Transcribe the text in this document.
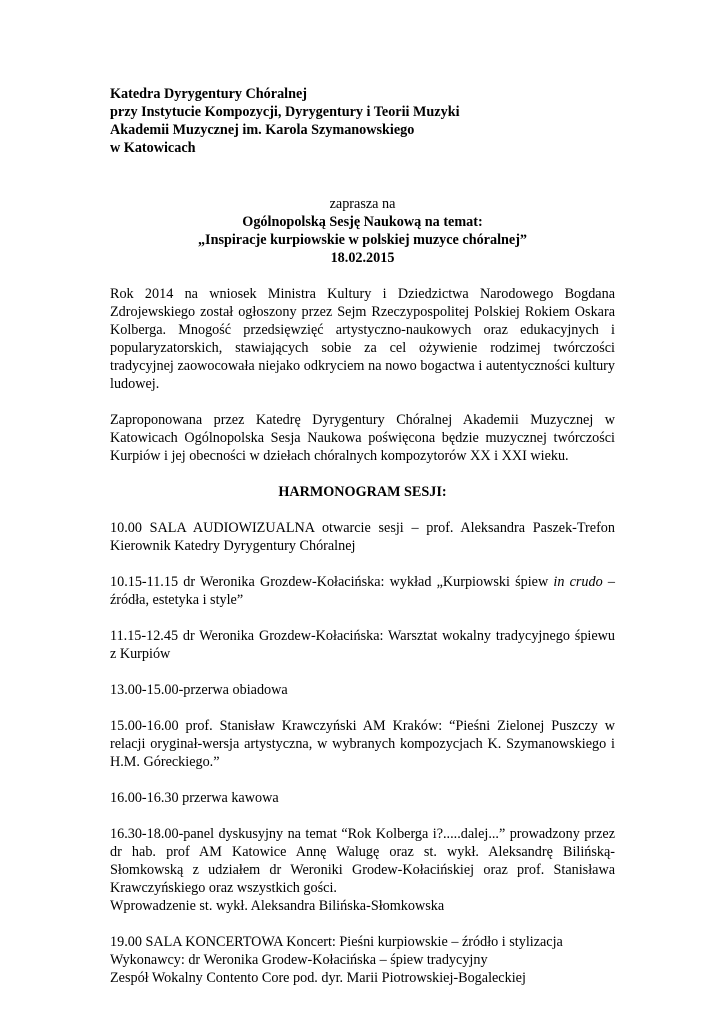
Katedra Dyrygentury Chóralnej
przy Instytucie Kompozycji, Dyrygentury i Teorii Muzyki
Akademii Muzycznej im. Karola Szymanowskiego
w Katowicach
zaprasza na
Ogólnopolską Sesję Naukową na temat:
„Inspiracje kurpiowskie w polskiej muzyce chóralnej”
18.02.2015

Rok 2014 na wniosek Ministra Kultury i Dziedzictwa Narodowego Bogdana Zdrojewskiego został ogłoszony przez Sejm Rzeczypospolitej Polskiej Rokiem Oskara Kolberga. Mnogość przedsięwzięć artystyczno-naukowych oraz edukacyjnych i popularyzatorskich, stawiających sobie za cel ożywienie rodzimej twórczości tradycyjnej zaowocowała niejako odkryciem na nowo bogactwa i autentyczności kultury ludowej.

Zaproponowana przez Katedrę Dyrygentury Chóralnej Akademii Muzycznej w Katowicach Ogólnopolska Sesja Naukowa poświęcona będzie muzycznej twórczości Kurpiów i jej obecności w dziełach chóralnych kompozytorów XX i XXI wieku.

HARMONOGRAM SESJI:
10.00 SALA AUDIOWIZUALNA otwarcie sesji – prof. Aleksandra Paszek-Trefon Kierownik Katedry Dyrygentury Chóralnej
10.15-11.15 dr Weronika Grozdew-Kołacińska: wykład „Kurpiowski śpiew in crudo – źródła, estetyka i style”
11.15-12.45 dr Weronika Grozdew-Kołacińska: Warsztat wokalny tradycyjnego śpiewu z Kurpiów
13.00-15.00-przerwa obiadowa
15.00-16.00 prof. Stanisław Krawczyński AM Kraków: “Pieśni Zielonej Puszczy w relacji oryginał-wersja artystyczna, w wybranych kompozycjach K. Szymanowskiego i H.M. Góreckiego.”
16.00-16.30 przerwa kawowa
16.30-18.00-panel dyskusyjny na temat “Rok Kolberga i?.....dalej...” prowadzony przez dr hab. prof AM Katowice Annę Walugę oraz st. wykł. Aleksandrę Bilińską-Słomkowską z udziałem dr Weroniki Grodew-Kołacińskiej oraz prof. Stanisława Krawczyńskiego oraz wszystkich gości.
Wprowadzenie st. wykł. Aleksandra Bilińska-Słomkowska
19.00 SALA KONCERTOWA Koncert: Pieśni kurpiowskie – źródło i stylizacja
Wykonawcy: dr Weronika Grodew-Kołacińska – śpiew tradycyjny
Zespół Wokalny Contento Core pod. dyr. Marii Piotrowskiej-Bogaleckiej
